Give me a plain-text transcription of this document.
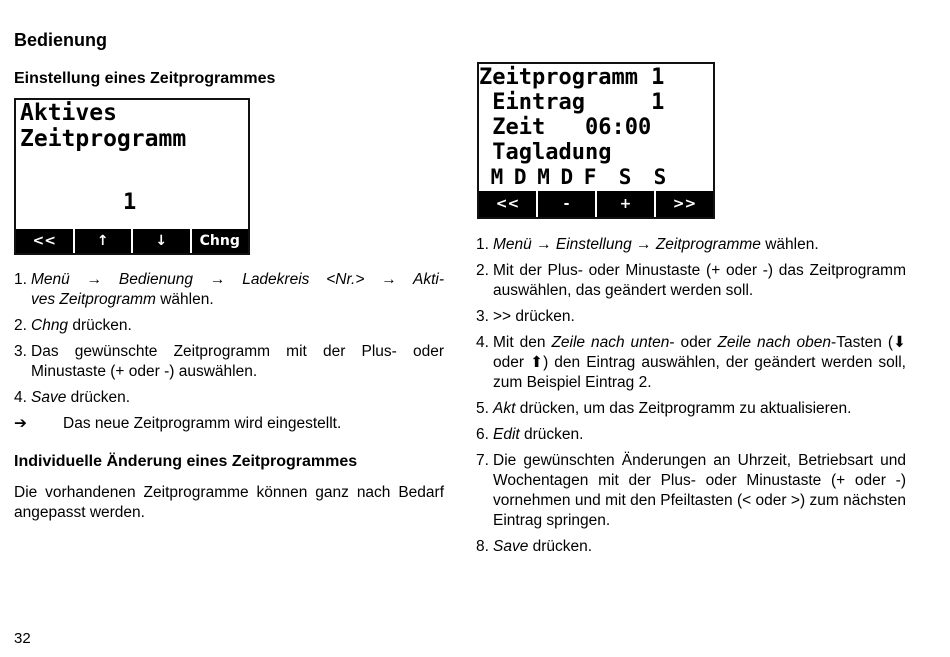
Bedienung
Einstellung eines Zeitprogrammes
Aktives
Zeitprogramm
1
<<	↑	↓	Chng
1. Menü → Bedienung → Ladekreis <Nr.> → Akti-
ves Zeitprogramm wählen.
2. Chng drücken.
3. Das gewünschte Zeitprogramm mit der Plus- oder
Minustaste (+ oder -) auswählen.
4. Save drücken.
➔	Das neue Zeitprogramm wird eingestellt.
Individuelle Änderung eines Zeitprogrammes
Die vorhandenen Zeitprogramme können ganz nach Bedarf angepasst werden.
Zeitprogramm 1
Eintrag     1
Zeit   06:00
Tagladung
M D M D F  S  S
<<	-	+	>>
1. Menü → Einstellung → Zeitprogramme wählen.
2. Mit der Plus- oder Minustaste (+ oder -) das Zeitprogramm auswählen, das geändert werden soll.
3. >> drücken.
4. Mit den Zeile nach unten- oder Zeile nach oben-Tasten (⬇ oder ⬆) den Eintrag auswählen, der geändert werden soll, zum Beispiel Eintrag 2.
5. Akt drücken, um das Zeitprogramm zu aktualisieren.
6. Edit drücken.
7. Die gewünschten Änderungen an Uhrzeit, Betriebsart und Wochentagen mit der Plus- oder Minustaste (+ oder -) vornehmen und mit den Pfeiltasten (< oder >) zum nächsten Eintrag springen.
8. Save drücken.
32
